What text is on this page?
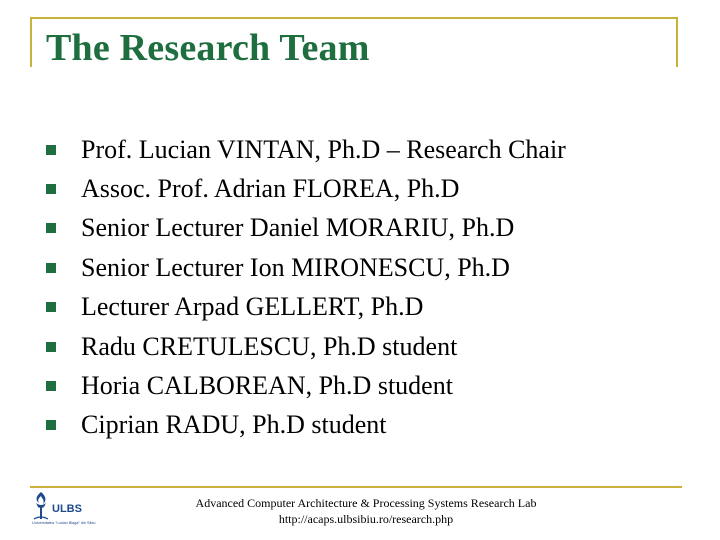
The Research Team
Prof. Lucian VINTAN, Ph.D – Research Chair
Assoc. Prof. Adrian FLOREA, Ph.D
Senior Lecturer Daniel MORARIU, Ph.D
Senior Lecturer Ion MIRONESCU, Ph.D
Lecturer Arpad GELLERT, Ph.D
Radu CRETULESCU, Ph.D student
Horia CALBOREAN, Ph.D student
Ciprian RADU, Ph.D student
ULBS
Universitatea "Lucian Blaga" din Sibiu
Advanced Computer Architecture & Processing Systems Research Lab
http://acaps.ulbsibiu.ro/research.php
